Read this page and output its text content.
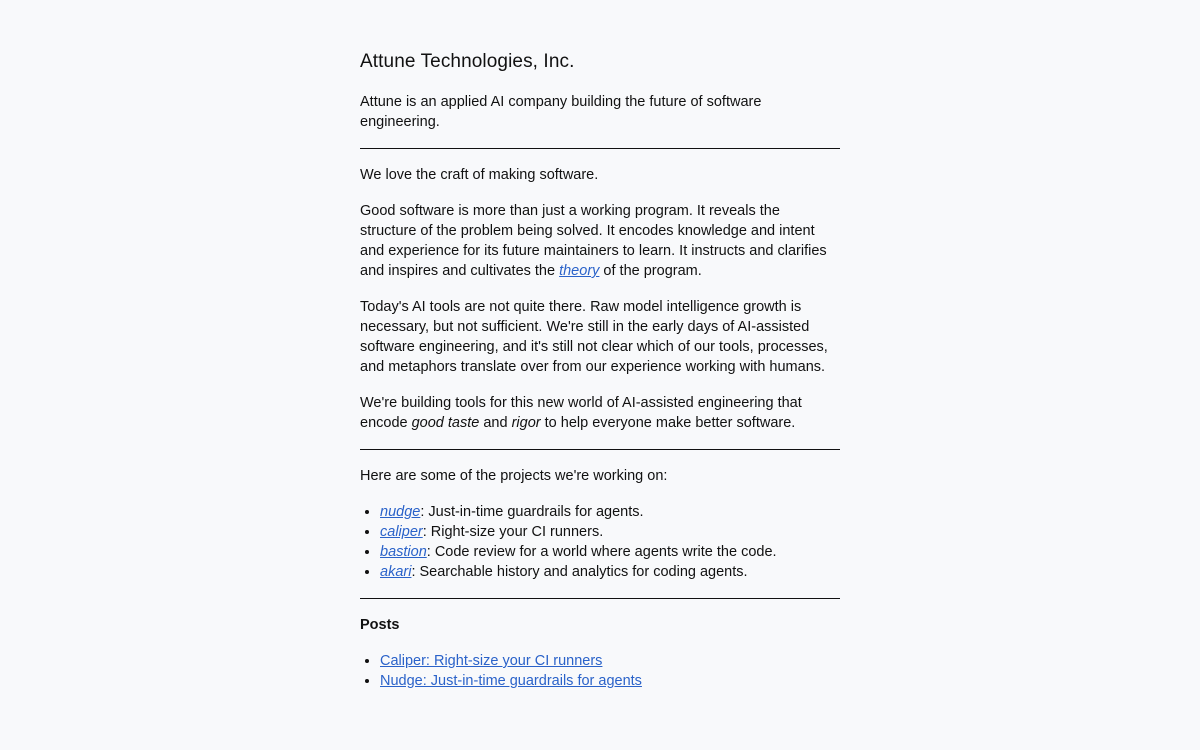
Attune Technologies, Inc.

Attune is an applied AI company building the future of software engineering.

We love the craft of making software.

Good software is more than just a working program. It reveals the structure of the problem being solved. It encodes knowledge and intent and experience for its future maintainers to learn. It instructs and clarifies and inspires and cultivates the theory of the program.

Today's AI tools are not quite there. Raw model intelligence growth is necessary, but not sufficient. We're still in the early days of AI-assisted software engineering, and it's still not clear which of our tools, processes, and metaphors translate over from our experience working with humans.

We're building tools for this new world of AI-assisted engineering that encode good taste and rigor to help everyone make better software.

Here are some of the projects we're working on:

• nudge: Just-in-time guardrails for agents.
• caliper: Right-size your CI runners.
• bastion: Code review for a world where agents write the code.
• akari: Searchable history and analytics for coding agents.
Posts
• Caliper: Right-size your CI runners
• Nudge: Just-in-time guardrails for agents
